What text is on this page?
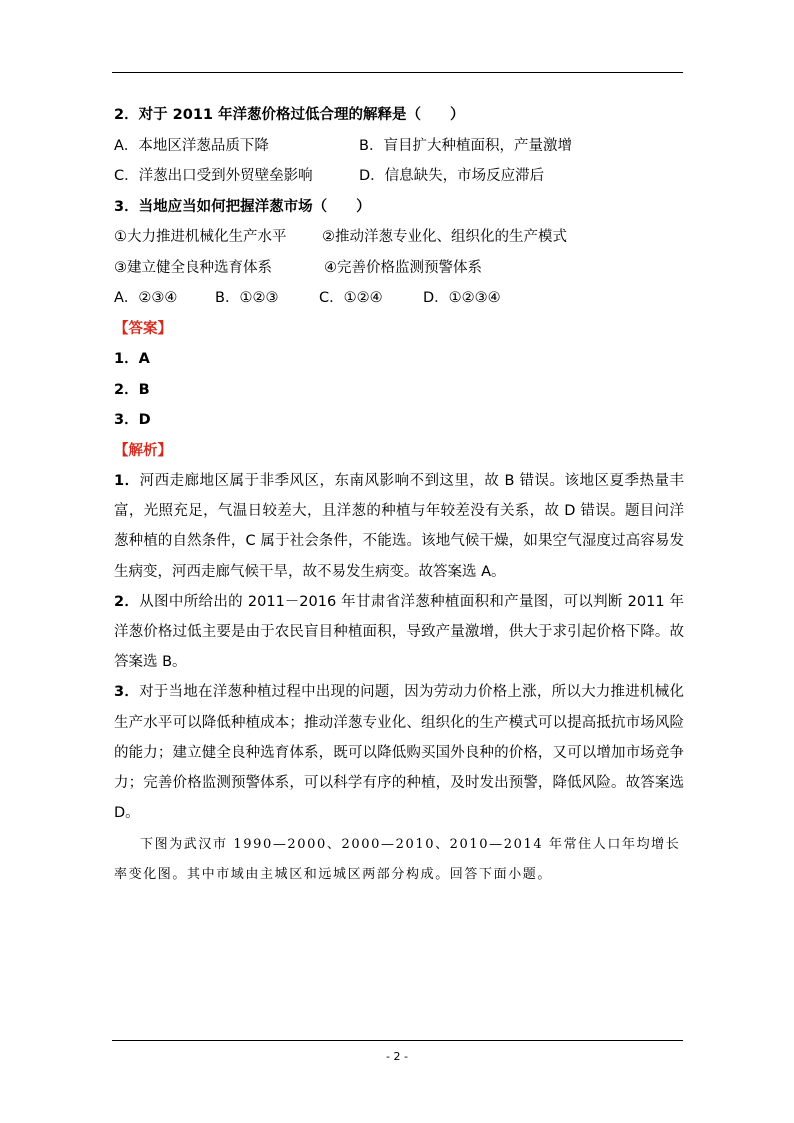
2．对于 2011 年洋葱价格过低合理的解释是（　　）
A．本地区洋葱品质下降	B．盲目扩大种植面积，产量激增
C．洋葱出口受到外贸壁垒影响	D．信息缺失，市场反应滞后
3．当地应当如何把握洋葱市场（　　）
①大力推进机械化生产水平	②推动洋葱专业化、组织化的生产模式
③建立健全良种选育体系	④完善价格监测预警体系
A．②③④	B．①②③	C．①②④	D．①②③④
【答案】
1．A
2．B
3．D
【解析】

1．河西走廊地区属于非季风区，东南风影响不到这里，故 B 错误。该地区夏季热量丰富，光照充足，气温日较差大，且洋葱的种植与年较差没有关系，故 D 错误。题目问洋葱种植的自然条件，C 属于社会条件，不能选。该地气候干燥，如果空气湿度过高容易发生病变，河西走廊气候干旱，故不易发生病变。故答案选 A。

2．从图中所给出的 2011－2016 年甘肃省洋葱种植面积和产量图，可以判断 2011 年洋葱价格过低主要是由于农民盲目种植面积，导致产量激增，供大于求引起价格下降。故答案选 B。

3．对于当地在洋葱种植过程中出现的问题，因为劳动力价格上涨，所以大力推进机械化生产水平可以降低种植成本；推动洋葱专业化、组织化的生产模式可以提高抵抗市场风险的能力；建立健全良种选育体系，既可以降低购买国外良种的价格，又可以增加市场竞争力；完善价格监测预警体系，可以科学有序的种植，及时发出预警，降低风险。故答案选 D。

下图为武汉市 1990—2000、2000—2010、2010—2014 年常住人口年均增长率变化图。其中市域由主城区和远城区两部分构成。回答下面小题。

- 2 -
